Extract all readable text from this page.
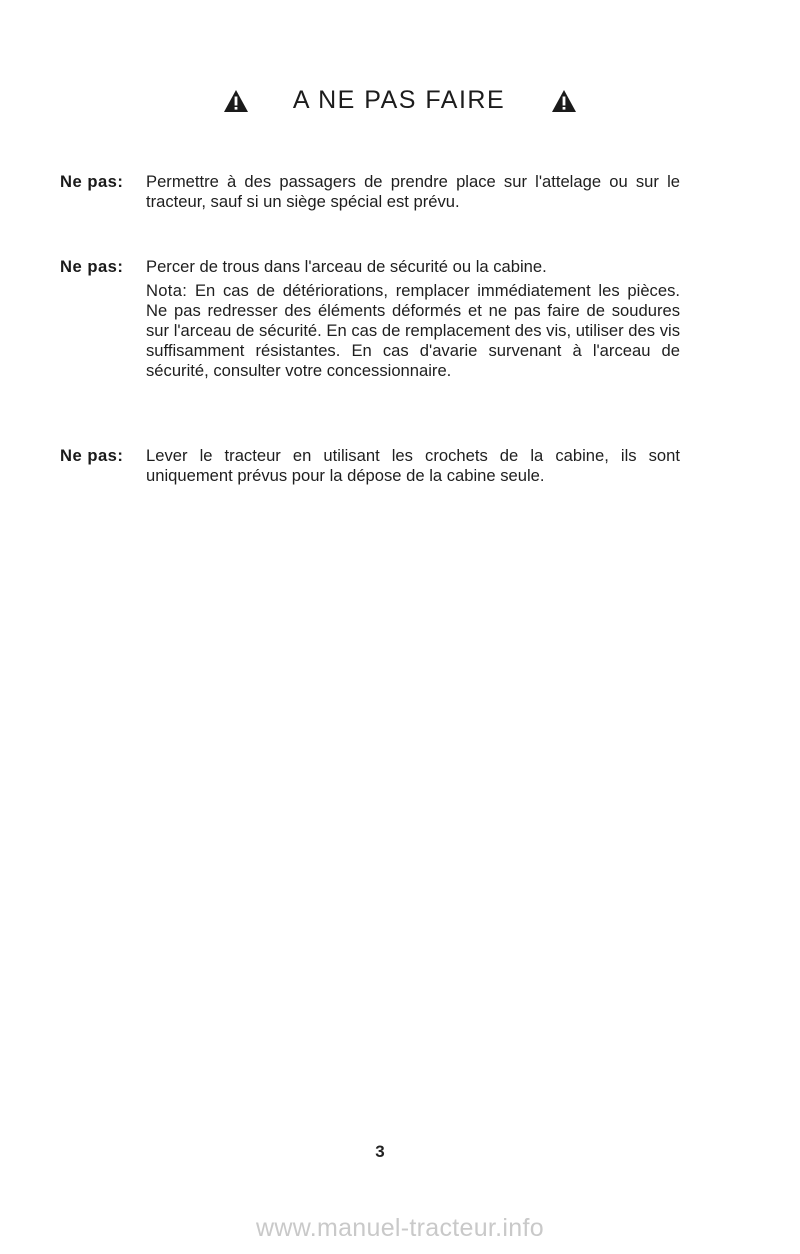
A NE PAS FAIRE
Ne pas:	Permettre à des passagers de prendre place sur l'attelage ou sur le tracteur, sauf si un siège spécial est prévu.

Ne pas:	Percer de trous dans l'arceau de sécurité ou la cabine.

Nota: En cas de détériorations, remplacer immédiatement les pièces. Ne pas redresser des éléments déformés et ne pas faire de soudures sur l'arceau de sécurité. En cas de remplacement des vis, utiliser des vis suffisamment résistantes. En cas d'avarie survenant à l'arceau de sécurité, consulter votre concessionnaire.

Ne pas:	Lever le tracteur en utilisant les crochets de la cabine, ils sont uniquement prévus pour la dépose de la cabine seule.

3
www.manuel-tracteur.info
